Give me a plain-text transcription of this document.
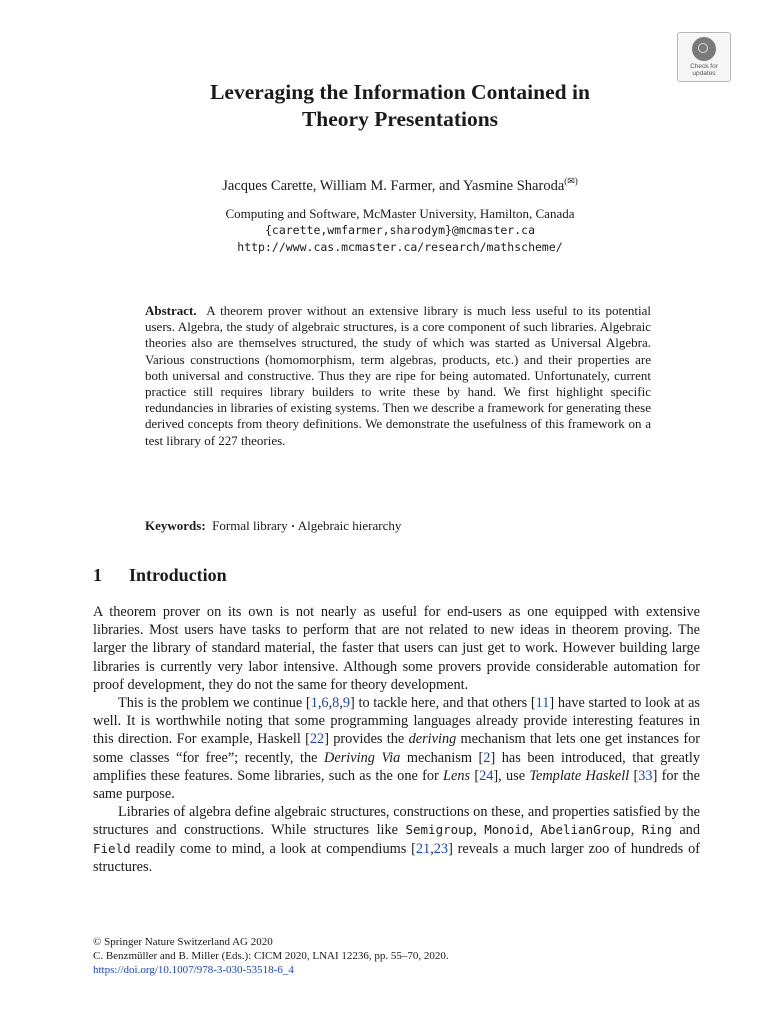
Check for
updates
Leveraging the Information Contained in
Theory Presentations
Jacques Carette, William M. Farmer, and Yasmine Sharoda(✉)
Computing and Software, McMaster University, Hamilton, Canada
{carette,wmfarmer,sharodym}@mcmaster.ca
http://www.cas.mcmaster.ca/research/mathscheme/
Abstract. A theorem prover without an extensive library is much less useful to its potential users. Algebra, the study of algebraic structures, is a core component of such libraries. Algebraic theories also are themselves structured, the study of which was started as Universal Algebra. Various constructions (homomorphism, term algebras, products, etc.) and their properties are both universal and constructive. Thus they are ripe for being automated. Unfortunately, current practice still requires library builders to write these by hand. We first highlight specific redundancies in libraries of existing systems. Then we describe a framework for generating these derived concepts from theory definitions. We demonstrate the usefulness of this framework on a test library of 227 theories.
Keywords: Formal library · Algebraic hierarchy
1 Introduction

A theorem prover on its own is not nearly as useful for end-users as one equipped with extensive libraries. Most users have tasks to perform that are not related to new ideas in theorem proving. The larger the library of standard material, the faster that users can just get to work. However building large libraries is currently very labor intensive. Although some provers provide considerable automation for proof development, they do not the same for theory development.

This is the problem we continue [1,6,8,9] to tackle here, and that others [11] have started to look at as well. It is worthwhile noting that some programming languages already provide interesting features in this direction. For example, Haskell [22] provides the deriving mechanism that lets one get instances for some classes “for free”; recently, the Deriving Via mechanism [2] has been introduced, that greatly amplifies these features. Some libraries, such as the one for Lens [24], use Template Haskell [33] for the same purpose.

Libraries of algebra define algebraic structures, constructions on these, and properties satisfied by the structures and constructions. While structures like Semigroup, Monoid, AbelianGroup, Ring and Field readily come to mind, a look at compendiums [21,23] reveals a much larger zoo of hundreds of structures.

© Springer Nature Switzerland AG 2020
C. Benzmüller and B. Miller (Eds.): CICM 2020, LNAI 12236, pp. 55–70, 2020.
https://doi.org/10.1007/978-3-030-53518-6_4
